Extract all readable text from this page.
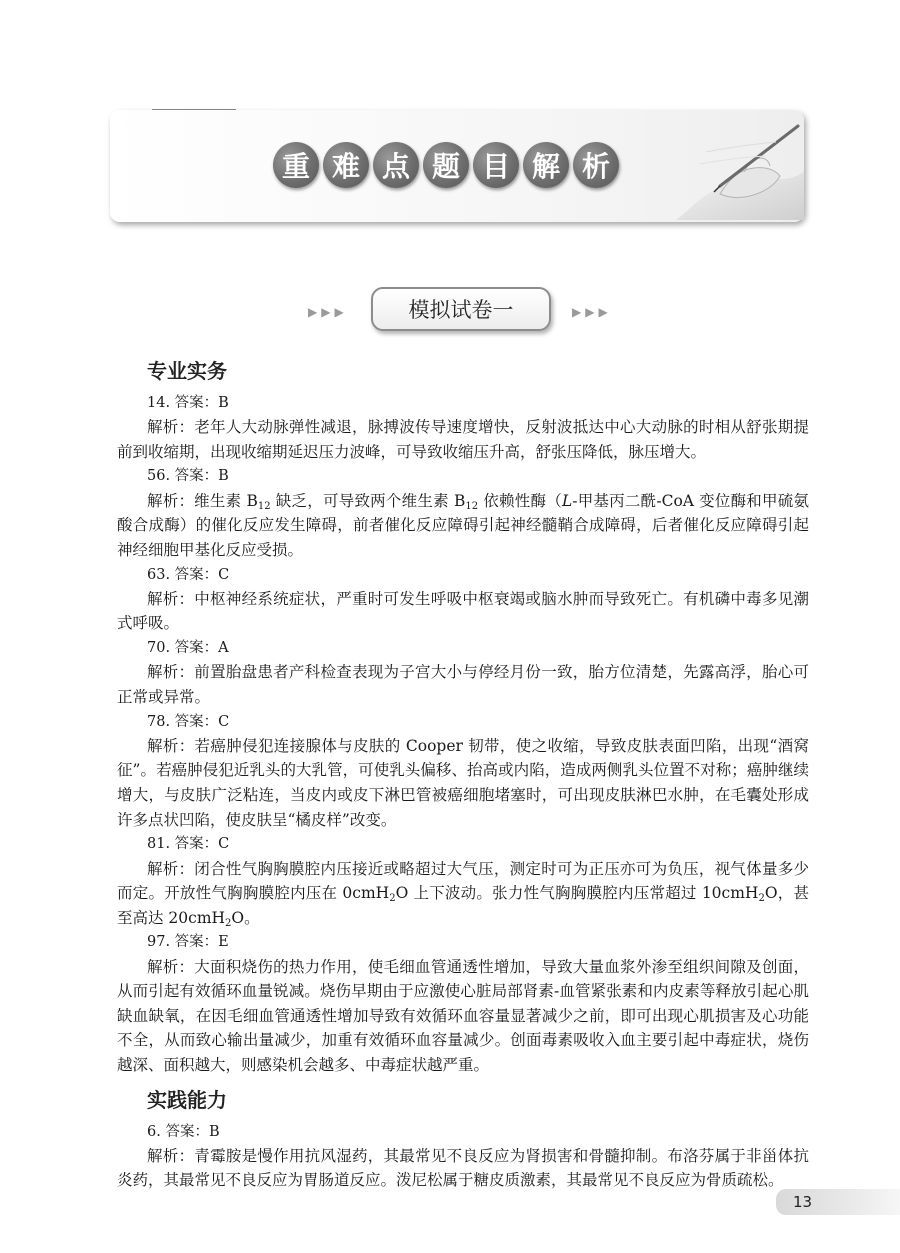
重 难 点 题 目 解 析
▶▶▶	模拟试卷一	▶▶▶
专业实务
14. 答案：B
解析：老年人大动脉弹性减退，脉搏波传导速度增快，反射波抵达中心大动脉的时相从舒张期提前到收缩期，出现收缩期延迟压力波峰，可导致收缩压升高，舒张压降低，脉压增大。
56. 答案：B
解析：维生素 $B_{12}$ 缺乏，可导致两个维生素 $B_{12}$ 依赖性酶（L-甲基丙二酰-CoA 变位酶和甲硫氨酸合成酶）的催化反应发生障碍，前者催化反应障碍引起神经髓鞘合成障碍，后者催化反应障碍引起神经细胞甲基化反应受损。
63. 答案：C
解析：中枢神经系统症状，严重时可发生呼吸中枢衰竭或脑水肿而导致死亡。有机磷中毒多见潮式呼吸。
70. 答案：A
解析：前置胎盘患者产科检查表现为子宫大小与停经月份一致，胎方位清楚，先露高浮，胎心可正常或异常。
78. 答案：C
解析：若癌肿侵犯连接腺体与皮肤的 Cooper 韧带，使之收缩，导致皮肤表面凹陷，出现“酒窝征”。若癌肿侵犯近乳头的大乳管，可使乳头偏移、抬高或内陷，造成两侧乳头位置不对称；癌肿继续增大，与皮肤广泛粘连，当皮内或皮下淋巴管被癌细胞堵塞时，可出现皮肤淋巴水肿，在毛囊处形成许多点状凹陷，使皮肤呈“橘皮样”改变。
81. 答案：C
解析：闭合性气胸胸膜腔内压接近或略超过大气压，测定时可为正压亦可为负压，视气体量多少而定。开放性气胸胸膜腔内压在 0cmH$_2$O 上下波动。张力性气胸胸膜腔内压常超过 10cmH$_2$O，甚至高达 20cmH$_2$O。
97. 答案：E
解析：大面积烧伤的热力作用，使毛细血管通透性增加，导致大量血浆外渗至组织间隙及创面，从而引起有效循环血量锐减。烧伤早期由于应激使心脏局部肾素-血管紧张素和内皮素等释放引起心肌缺血缺氧，在因毛细血管通透性增加导致有效循环血容量显著减少之前，即可出现心肌损害及心功能不全，从而致心输出量减少，加重有效循环血容量减少。创面毒素吸收入血主要引起中毒症状，烧伤越深、面积越大，则感染机会越多、中毒症状越严重。
实践能力
6. 答案：B
解析：青霉胺是慢作用抗风湿药，其最常见不良反应为肾损害和骨髓抑制。布洛芬属于非甾体抗炎药，其最常见不良反应为胃肠道反应。泼尼松属于糖皮质激素，其最常见不良反应为骨质疏松。
13
